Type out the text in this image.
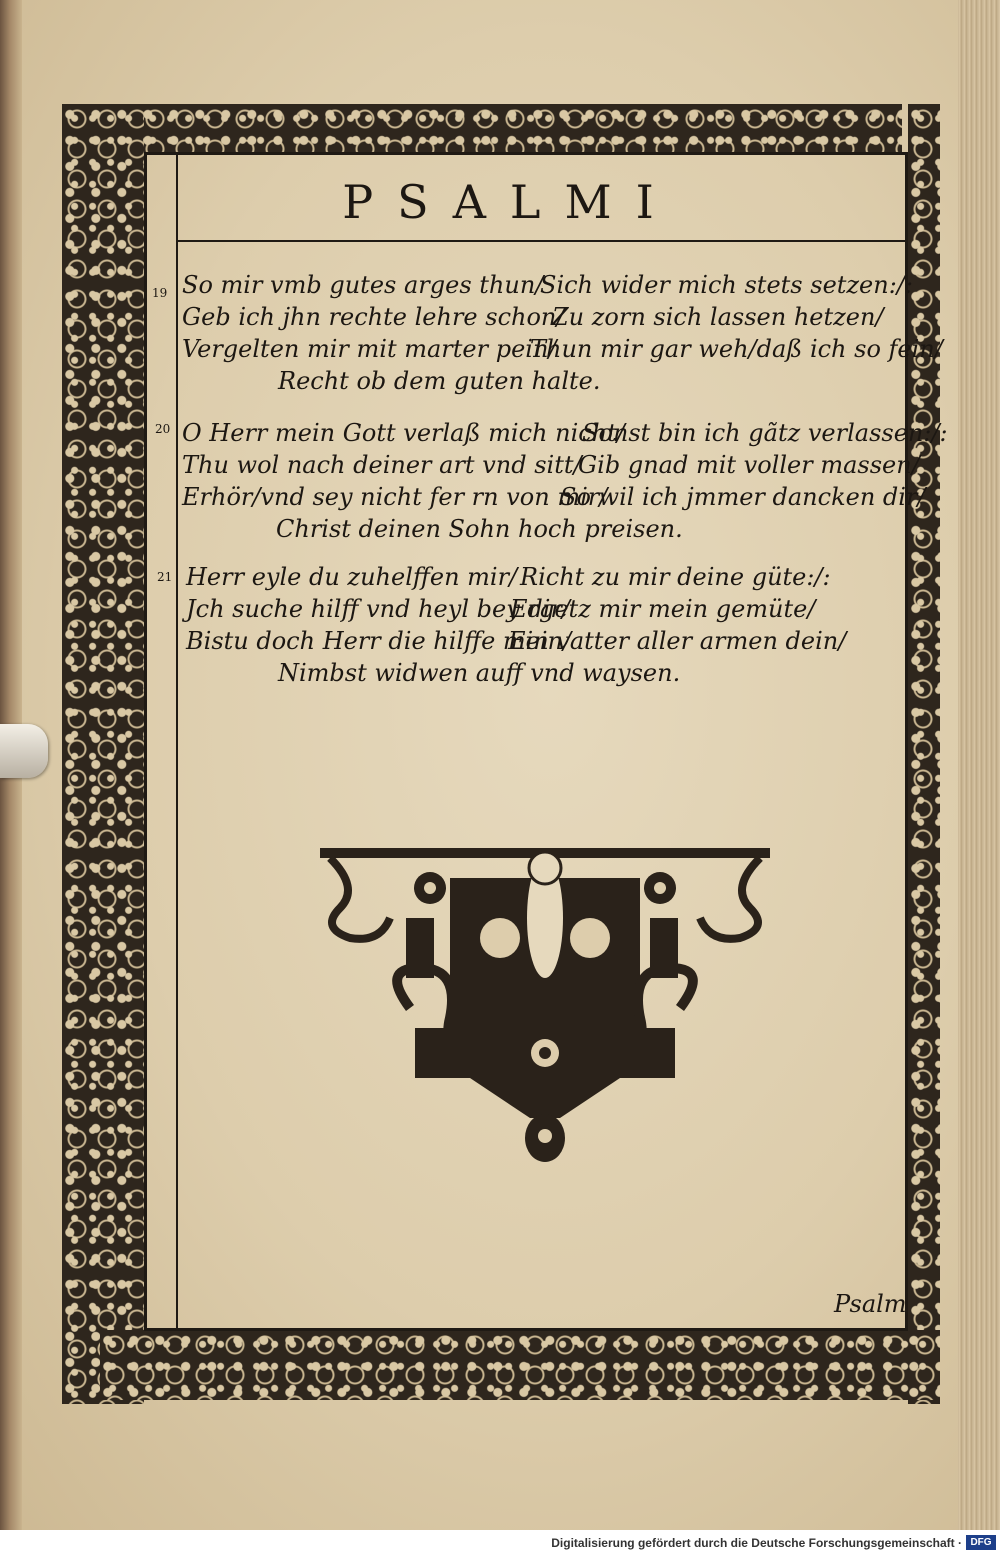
PSALMI
19 So mir vmb gutes arges thun/
Sich wider mich stets setzen:/:
Geb ich jhn rechte lehre schon/
Zu zorn sich lassen hetzen/
Vergelten mir mit marter pein/
Thun mir gar weh/daß ich so fein/
Recht ob dem guten halte.
20 O Herr mein Gott verlaß mich nicht/
Sonst bin ich gãtz verlassen:/:
Thu wol nach deiner art vnd sitt/
Gib gnad mit voller massen/
Erhör/vnd sey nicht fer rn von mir/
So wil ich jmmer dancken dir/
Christ deinen Sohn hoch preisen.
21 Herr eyle du zuhelffen mir/ Richt zu mir deine güte:/:
Jch suche hilff vnd heyl bey dir/
Ergetz mir mein gemüte/
Bistu doch Herr die hilffe mein/
Ein vatter aller armen dein/
Nimbst widwen auff vnd waysen.
Psalm
Digitalisierung gefördert durch die Deutsche Forschungsgemeinschaft · DFG
